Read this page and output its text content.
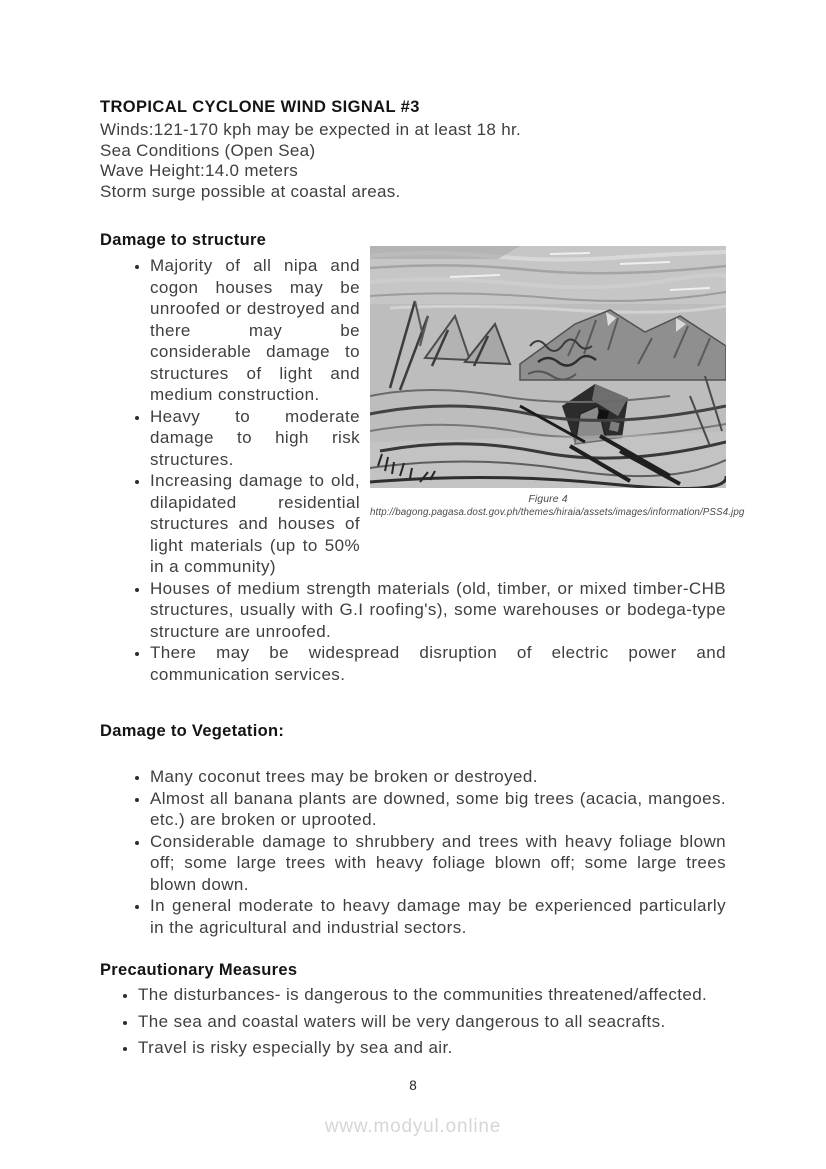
TROPICAL CYCLONE WIND SIGNAL #3
Winds:121-170 kph may be expected in at least 18 hr.
Sea Conditions (Open Sea)
Wave Height:14.0 meters
Storm surge possible at coastal areas.
Figure 4
http://bagong.pagasa.dost.gov.ph/themes/hiraia/assets/images/information/PSS4.jpg
Damage to structure
• Majority of all nipa and cogon houses may be unroofed or destroyed and there may be considerable damage to structures of light and medium construction.
• Heavy to moderate damage to high risk structures.
• Increasing damage to old, dilapidated residential structures and houses of light materials (up to 50% in a community)
• Houses of medium strength materials (old, timber, or mixed timber-CHB structures, usually with G.I roofing's), some warehouses or bodega-type structure are unroofed.
• There may be widespread disruption of electric power and communication services.
Damage to Vegetation:
• Many coconut trees may be broken or destroyed.
• Almost all banana plants are downed, some big trees (acacia, mangoes. etc.) are broken or uprooted.
• Considerable damage to shrubbery and trees with heavy foliage blown off; some large trees with heavy foliage blown off; some large trees blown down.
• In general moderate to heavy damage may be experienced particularly in the agricultural and industrial sectors.
Precautionary Measures
• The disturbances- is dangerous to the communities threatened/affected.
• The sea and coastal waters will be very dangerous to all seacrafts.
• Travel is risky especially by sea and air.
8
www.modyul.online
